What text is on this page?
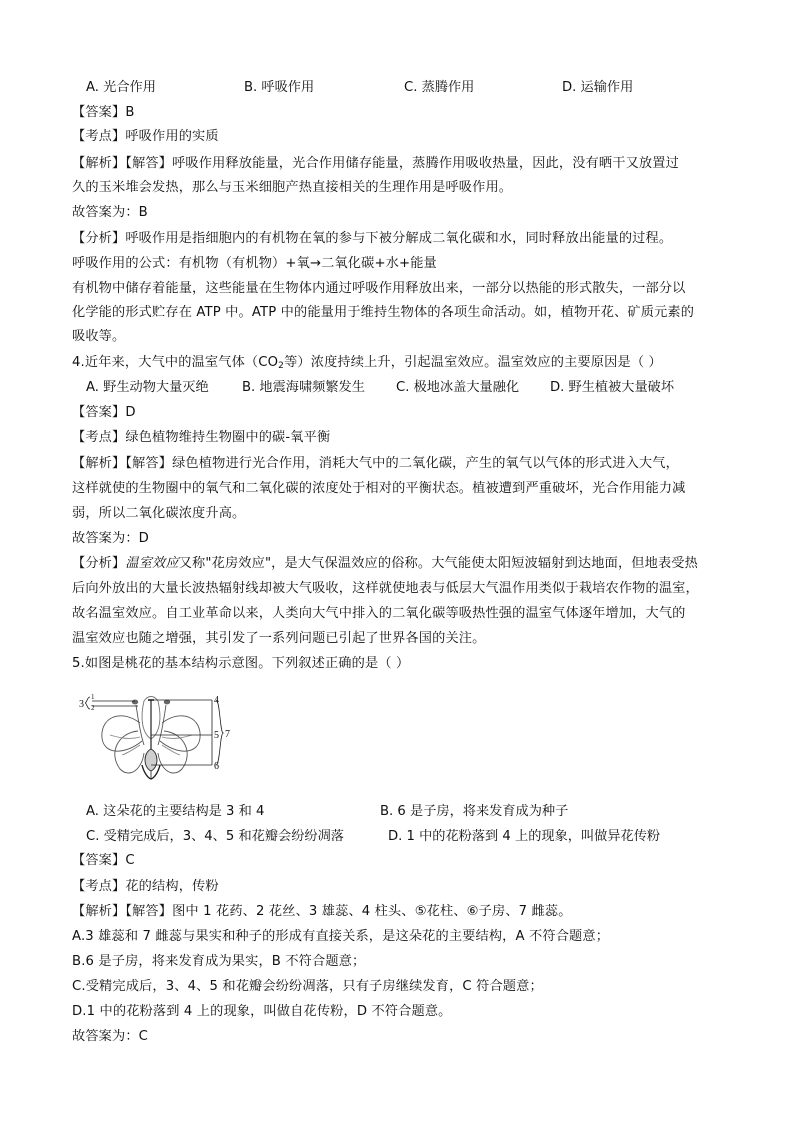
A. 光合作用	B. 呼吸作用	C. 蒸腾作用	D. 运输作用
【答案】B
【考点】呼吸作用的实质
【解析】【解答】呼吸作用释放能量，光合作用储存能量，蒸腾作用吸收热量，因此，没有晒干又放置过
久的玉米堆会发热，那么与玉米细胞产热直接相关的生理作用是呼吸作用。
故答案为：B
【分析】呼吸作用是指细胞内的有机物在氧的参与下被分解成二氧化碳和水，同时释放出能量的过程。
呼吸作用的公式：有机物（有机物）+氧→二氧化碳+水+能量
有机物中储存着能量，这些能量在生物体内通过呼吸作用释放出来，一部分以热能的形式散失，一部分以
化学能的形式贮存在 ATP 中。ATP 中的能量用于维持生物体的各项生命活动。如，植物开花、矿质元素的
吸收等。
4.近年来，大气中的温室气体（$CO_2$等）浓度持续上升，引起温室效应。温室效应的主要原因是（ ）
A. 野生动物大量灭绝	B. 地震海啸频繁发生 C. 极地冰盖大量融化 D. 野生植被大量破坏
【答案】D
【考点】绿色植物维持生物圈中的碳-氧平衡
【解析】【解答】绿色植物进行光合作用，消耗大气中的二氧化碳，产生的氧气以气体的形式进入大气，
这样就使的生物圈中的氧气和二氧化碳的浓度处于相对的平衡状态。植被遭到严重破坏，光合作用能力减
弱，所以二氧化碳浓度升高。
故答案为：D
【分析】温室效应又称"花房效应"，是大气保温效应的俗称。大气能使太阳短波辐射到达地面，但地表受热
后向外放出的大量长波热辐射线却被大气吸收，这样就使地表与低层大气温作用类似于栽培农作物的温室，
故名温室效应。自工业革命以来，人类向大气中排入的二氧化碳等吸热性强的温室气体逐年增加，大气的
温室效应也随之增强，其引发了一系列问题已引起了世界各国的关注。
5.如图是桃花的基本结构示意图。下列叙述正确的是（ ）
3
1
2
4
5
6
7
A. 这朵花的主要结构是 3 和 4	B. 6 是子房，将来发育成为种子
C. 受精完成后，3、4、5 和花瓣会纷纷凋落	D. 1 中的花粉落到 4 上的现象，叫做异花传粉
【答案】C
【考点】花的结构，传粉
【解析】【解答】图中 1 花药、2 花丝、3 雄蕊、4 柱头、⑤花柱、⑥子房、7 雌蕊。
A.3 雄蕊和 7 雌蕊与果实和种子的形成有直接关系，是这朵花的主要结构，A 不符合题意；
B.6 是子房，将来发育成为果实，B 不符合题意；
C.受精完成后，3、4、5 和花瓣会纷纷凋落，只有子房继续发育，C 符合题意；
D.1 中的花粉落到 4 上的现象，叫做自花传粉，D 不符合题意。
故答案为：C
